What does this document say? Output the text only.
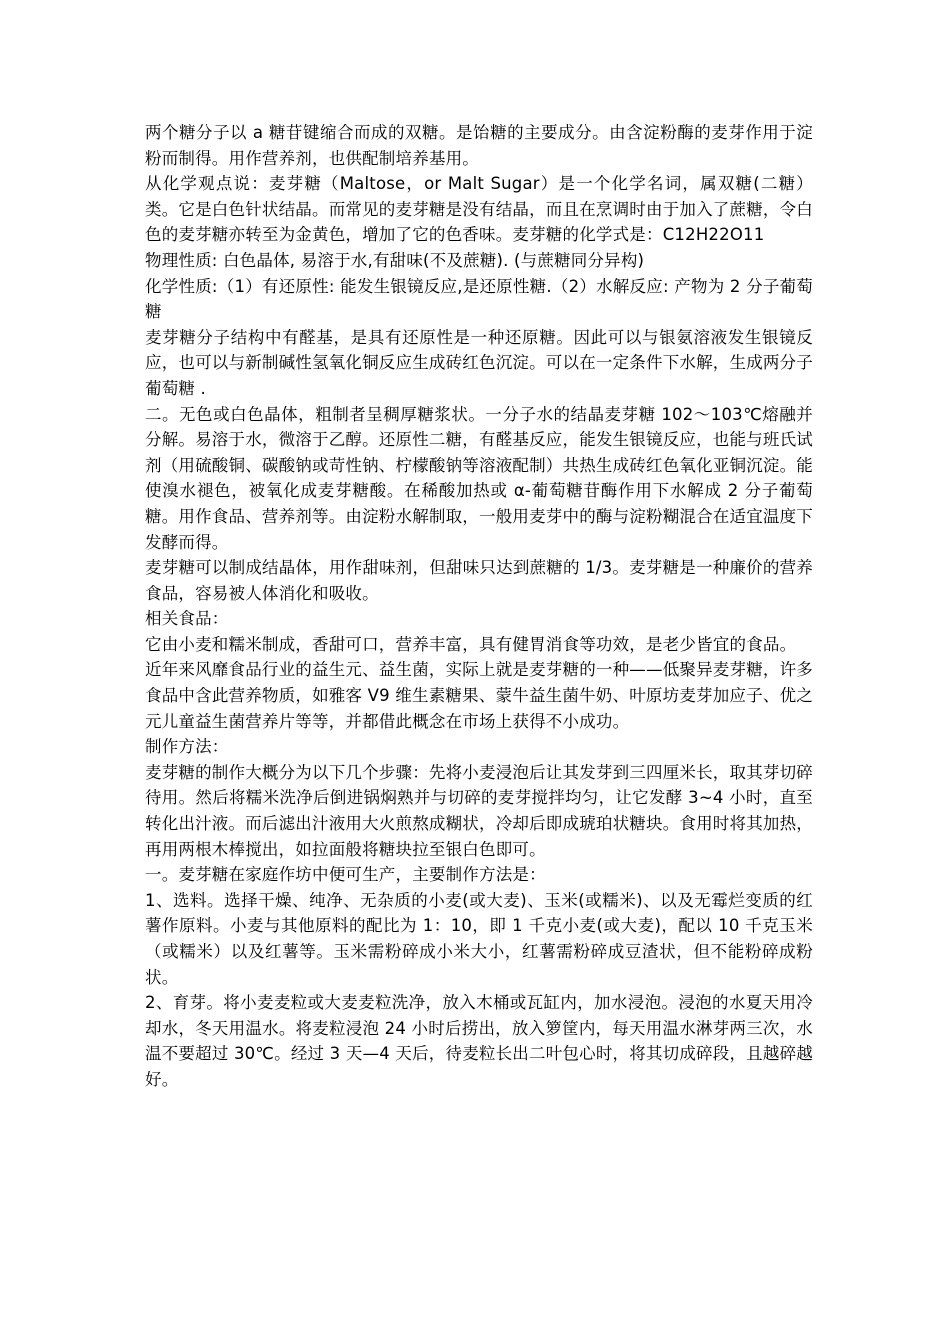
两个糖分子以 a 糖苷键缩合而成的双糖。是饴糖的主要成分。由含淀粉酶的麦芽作用于淀粉而制得。用作营养剂，也供配制培养基用。

从化学观点说：麦芽糖（Maltose，or Malt Sugar）是一个化学名词，属双糖(二糖）类。它是白色针状结晶。而常见的麦芽糖是没有结晶，而且在烹调时由于加入了蔗糖，令白色的麦芽糖亦转至为金黄色，增加了它的色香味。麦芽糖的化学式是：C12H22O11

物理性质: 白色晶体, 易溶于水,有甜味(不及蔗糖). (与蔗糖同分异构)

化学性质:（1）有还原性: 能发生银镜反应,是还原性糖.（2）水解反应: 产物为 2 分子葡萄糖

麦芽糖分子结构中有醛基，是具有还原性是一种还原糖。因此可以与银氨溶液发生银镜反应，也可以与新制碱性氢氧化铜反应生成砖红色沉淀。可以在一定条件下水解，生成两分子葡萄糖 .

二。无色或白色晶体，粗制者呈稠厚糖浆状。一分子水的结晶麦芽糖 102～103℃熔融并分解。易溶于水，微溶于乙醇。还原性二糖，有醛基反应，能发生银镜反应，也能与班氏试剂（用硫酸铜、碳酸钠或苛性钠、柠檬酸钠等溶液配制）共热生成砖红色氧化亚铜沉淀。能使溴水褪色，被氧化成麦芽糖酸。在稀酸加热或 α-葡萄糖苷酶作用下水解成 2 分子葡萄糖。用作食品、营养剂等。由淀粉水解制取，一般用麦芽中的酶与淀粉糊混合在适宜温度下发酵而得。

麦芽糖可以制成结晶体，用作甜味剂，但甜味只达到蔗糖的 1/3。麦芽糖是一种廉价的营养食品，容易被人体消化和吸收。

相关食品：

它由小麦和糯米制成，香甜可口，营养丰富，具有健胃消食等功效，是老少皆宜的食品。

近年来风靡食品行业的益生元、益生菌，实际上就是麦芽糖的一种——低聚异麦芽糖，许多食品中含此营养物质，如雅客 V9 维生素糖果、蒙牛益生菌牛奶、叶原坊麦芽加应子、优之元儿童益生菌营养片等等，并都借此概念在市场上获得不小成功。

制作方法：

麦芽糖的制作大概分为以下几个步骤：先将小麦浸泡后让其发芽到三四厘米长，取其芽切碎待用。然后将糯米洗净后倒进锅焖熟并与切碎的麦芽搅拌均匀，让它发酵 3~4 小时，直至转化出汁液。而后滤出汁液用大火煎熬成糊状，冷却后即成琥珀状糖块。食用时将其加热，再用两根木棒搅出，如拉面般将糖块拉至银白色即可。

一。麦芽糖在家庭作坊中便可生产，主要制作方法是：

1、选料。选择干燥、纯净、无杂质的小麦(或大麦)、玉米(或糯米)、以及无霉烂变质的红薯作原料。小麦与其他原料的配比为 1：10，即 1 千克小麦(或大麦)，配以 10 千克玉米（或糯米）以及红薯等。玉米需粉碎成小米大小，红薯需粉碎成豆渣状，但不能粉碎成粉状。

2、育芽。将小麦麦粒或大麦麦粒洗净，放入木桶或瓦缸内，加水浸泡。浸泡的水夏天用冷却水，冬天用温水。将麦粒浸泡 24 小时后捞出，放入箩筐内，每天用温水淋芽两三次，水温不要超过 30℃。经过 3 天—4 天后，待麦粒长出二叶包心时，将其切成碎段，且越碎越好。
